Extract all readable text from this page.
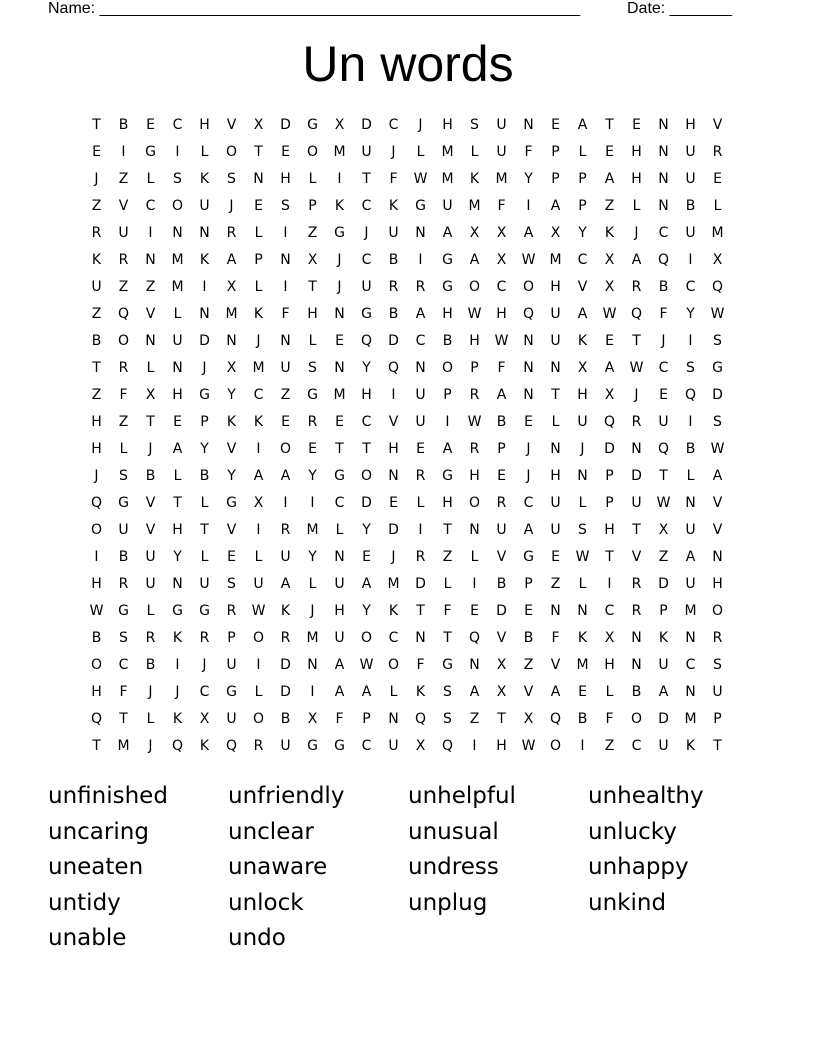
Name: ______________________________________________________	Date: _______
Un words
T	B	E	C	H	V	X	D	G	X	D	C	J	H	S	U	N	E	A	T	E	N	H	V
E	I	G	I	L	O	T	E	O	M	U	J	L	M	L	U	F	P	L	E	H	N	U	R
J	Z	L	S	K	S	N	H	L	I	T	F	W	M	K	M	Y	P	P	A	H	N	U	E
Z	V	C	O	U	J	E	S	P	K	C	K	G	U	M	F	I	A	P	Z	L	N	B	L
R	U	I	N	N	R	L	I	Z	G	J	U	N	A	X	X	A	X	Y	K	J	C	U	M
K	R	N	M	K	A	P	N	X	J	C	B	I	G	A	X	W	M	C	X	A	Q	I	X
U	Z	Z	M	I	X	L	I	T	J	U	R	R	G	O	C	O	H	V	X	R	B	C	Q
Z	Q	V	L	N	M	K	F	H	N	G	B	A	H	W	H	Q	U	A	W	Q	F	Y	W
B	O	N	U	D	N	J	N	L	E	Q	D	C	B	H	W	N	U	K	E	T	J	I	S
T	R	L	N	J	X	M	U	S	N	Y	Q	N	O	P	F	N	N	X	A	W	C	S	G
Z	F	X	H	G	Y	C	Z	G	M	H	I	U	P	R	A	N	T	H	X	J	E	Q	D
H	Z	T	E	P	K	K	E	R	E	C	V	U	I	W	B	E	L	U	Q	R	U	I	S
H	L	J	A	Y	V	I	O	E	T	T	H	E	A	R	P	J	N	J	D	N	Q	B	W
J	S	B	L	B	Y	A	A	Y	G	O	N	R	G	H	E	J	H	N	P	D	T	L	A
Q	G	V	T	L	G	X	I	I	C	D	E	L	H	O	R	C	U	L	P	U	W	N	V
O	U	V	H	T	V	I	R	M	L	Y	D	I	T	N	U	A	U	S	H	T	X	U	V
I	B	U	Y	L	E	L	U	Y	N	E	J	R	Z	L	V	G	E	W	T	V	Z	A	N
H	R	U	N	U	S	U	A	L	U	A	M	D	L	I	B	P	Z	L	I	R	D	U	H
W	G	L	G	G	R	W	K	J	H	Y	K	T	F	E	D	E	N	N	C	R	P	M	O
B	S	R	K	R	P	O	R	M	U	O	C	N	T	Q	V	B	F	K	X	N	K	N	R
O	C	B	I	J	U	I	D	N	A	W	O	F	G	N	X	Z	V	M	H	N	U	C	S
H	F	J	J	C	G	L	D	I	A	A	L	K	S	A	X	V	A	E	L	B	A	N	U
Q	T	L	K	X	U	O	B	X	F	P	N	Q	S	Z	T	X	Q	B	F	O	D	M	P
T	M	J	Q	K	Q	R	U	G	G	C	U	X	Q	I	H	W	O	I	Z	C	U	K	T
unfinished	unfriendly	unhelpful	unhealthy
uncaring	unclear	unusual	unlucky
uneaten	unaware	undress	unhappy
untidy	unlock	unplug	unkind
unable	undo
